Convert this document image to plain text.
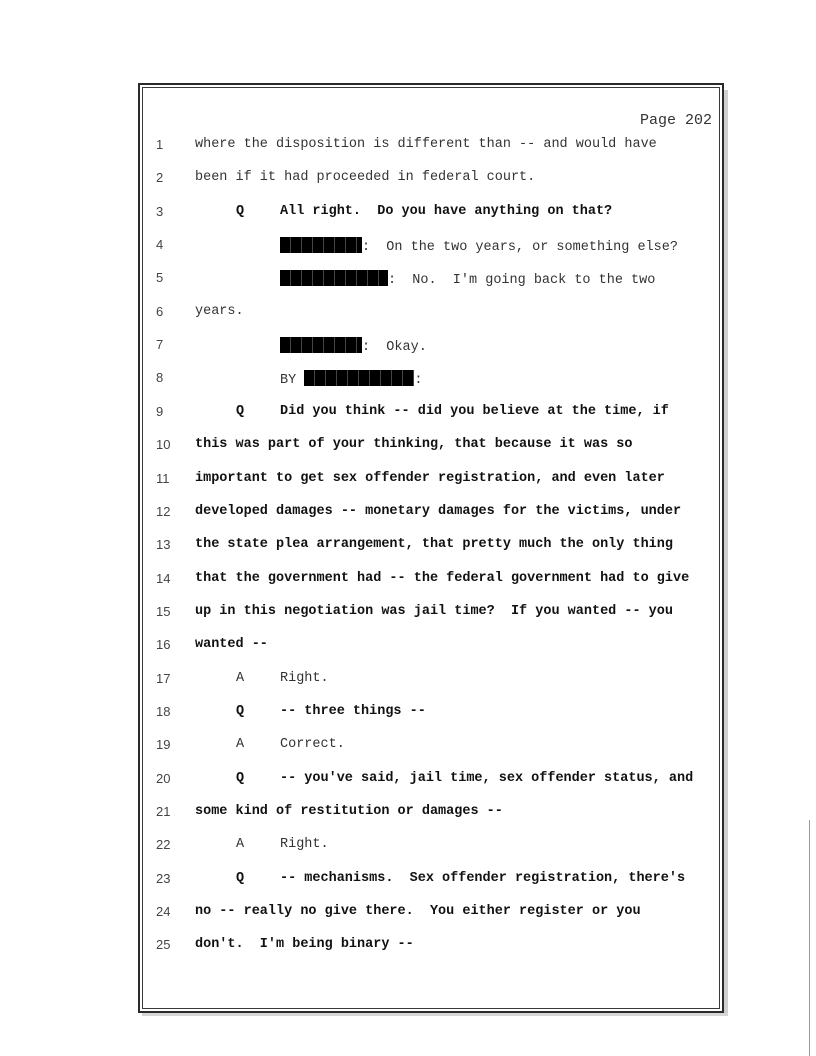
Page 202
1 where the disposition is different than -- and would have
2 been if it had proceeded in federal court.
3	Q	All right.  Do you have anything on that?
4	:  On the two years, or something else?
5	:  No.  I'm going back to the two
6 years.
7	:  Okay.
8	BY	:
9	Q	Did you think -- did you believe at the time, if
10 this was part of your thinking, that because it was so
11 important to get sex offender registration, and even later
12 developed damages -- monetary damages for the victims, under
13 the state plea arrangement, that pretty much the only thing
14 that the government had -- the federal government had to give
15 up in this negotiation was jail time?  If you wanted -- you
16 wanted --
17	A	Right.
18	Q	-- three things --
19	A	Correct.
20	Q	-- you've said, jail time, sex offender status, and
21 some kind of restitution or damages --
22	A	Right.
23	Q	-- mechanisms.  Sex offender registration, there's
24 no -- really no give there.  You either register or you
25 don't.  I'm being binary --
